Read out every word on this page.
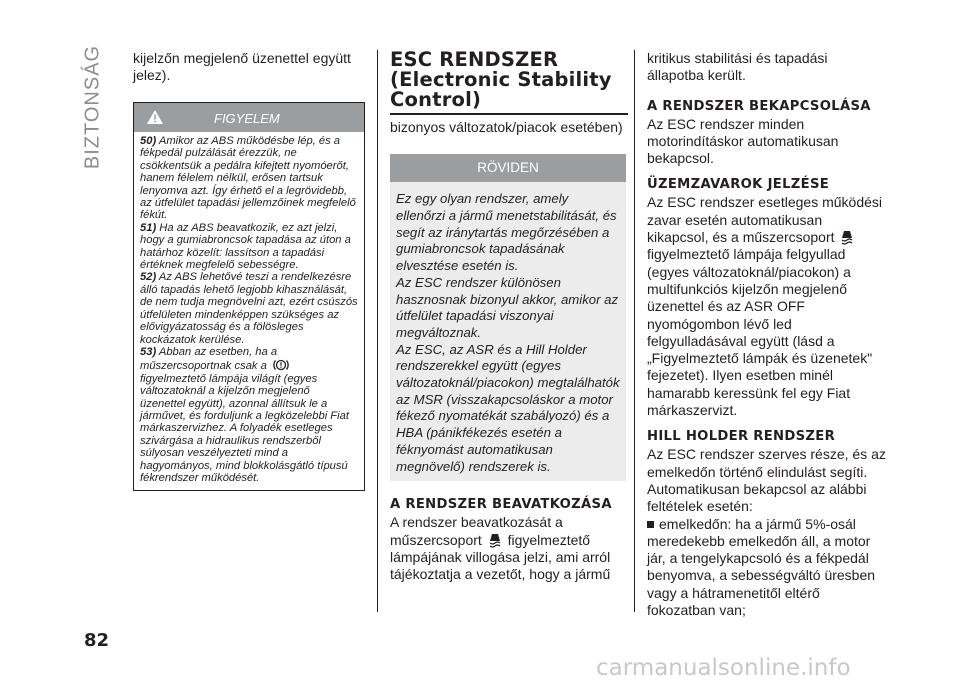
BIZTONSÁG kijelzőn megjelenő üzenettel együtt jelez).

FIGYELEM

50) Amikor az ABS működésbe lép, és a fékpedál pulzálását érezzük, ne csökkentsük a pedálra kifejtett nyomóerőt, hanem félelem nélkül, erősen tartsuk lenyomva azt. Így érhető el a legrövidebb, az útfelület tapadási jellemzőinek megfelelő fékút.

51) Ha az ABS beavatkozik, ez azt jelzi, hogy a gumiabroncsok tapadása az úton a határhoz közelít: lassítson a tapadási értéknek megfelelő sebességre.

52) Az ABS lehetővé teszi a rendelkezésre álló tapadás lehető legjobb kihasználását, de nem tudja megnövelni azt, ezért csúszós útfelületen mindenképpen szükséges az elővigyázatosság és a fölösleges kockázatok kerülése.

53) Abban az esetben, ha a műszercsoportnak csak a  figyelmeztető lámpája világít (egyes változatoknál a kijelzőn megjelenő üzenettel együtt), azonnal állítsuk le a járművet, és forduljunk a legközelebbi Fiat márkaszervizhez. A folyadék esetleges szivárgása a hidraulikus rendszerből súlyosan veszélyezteti mind a hagyományos, mind blokkolásgátló típusú fékrendszer működését.

ESC RENDSZER (Electronic Stability Control)

bizonyos változatok/piacok esetében)

RÖVIDEN
Ez egy olyan rendszer, amely ellenőrzi a jármű menetstabilitását, és segít az iránytartás megőrzésében a gumiabroncsok tapadásának elvesztése esetén is.
Az ESC rendszer különösen hasznosnak bizonyul akkor, amikor az útfelület tapadási viszonyai megváltoznak.
Az ESC, az ASR és a Hill Holder rendszerekkel együtt (egyes változatoknál/piacokon) megtalálhatók az MSR (visszakapcsoláskor a motor fékező nyomatékát szabályozó) és a HBA (pánikfékezés esetén a féknyomást automatikusan megnövelő) rendszerek is.
A RENDSZER BEAVATKOZÁSA

A rendszer beavatkozását a műszercsoport figyelmeztető lámpájának villogása jelzi, ami arról tájékoztatja a vezetőt, hogy a jármű

kritikus stabilitási és tapadási állapotba került.

A RENDSZER BEKAPCSOLÁSA

Az ESC rendszer minden motorindításkor automatikusan bekapcsol.

ÜZEMZAVAROK JELZÉSE

Az ESC rendszer esetleges működési zavar esetén automatikusan kikapcsol, és a műszercsoport  figyelmeztető lámpája felgyullad (egyes változatoknál/piacokon) a multifunkciós kijelzőn megjelenő üzenettel és az ASR OFF nyomógombon lévő led felgyulladásával együtt (lásd a „Figyelmeztető lámpák és üzenetek" fejezetet). Ilyen esetben minél hamarabb keressünk fel egy Fiat márkaszervizt.

HILL HOLDER RENDSZER

Az ESC rendszer szerves része, és az emelkedőn történő elindulást segíti. Automatikusan bekapcsol az alábbi feltételek esetén:

emelkedőn: ha a jármű 5%-osál meredekebb emelkedőn áll, a motor jár, a tengelykapcsoló és a fékpedál benyomva, a sebességváltó üresben vagy a hátramenetitől eltérő fokozatban van;

82
carmanualsonline.info
